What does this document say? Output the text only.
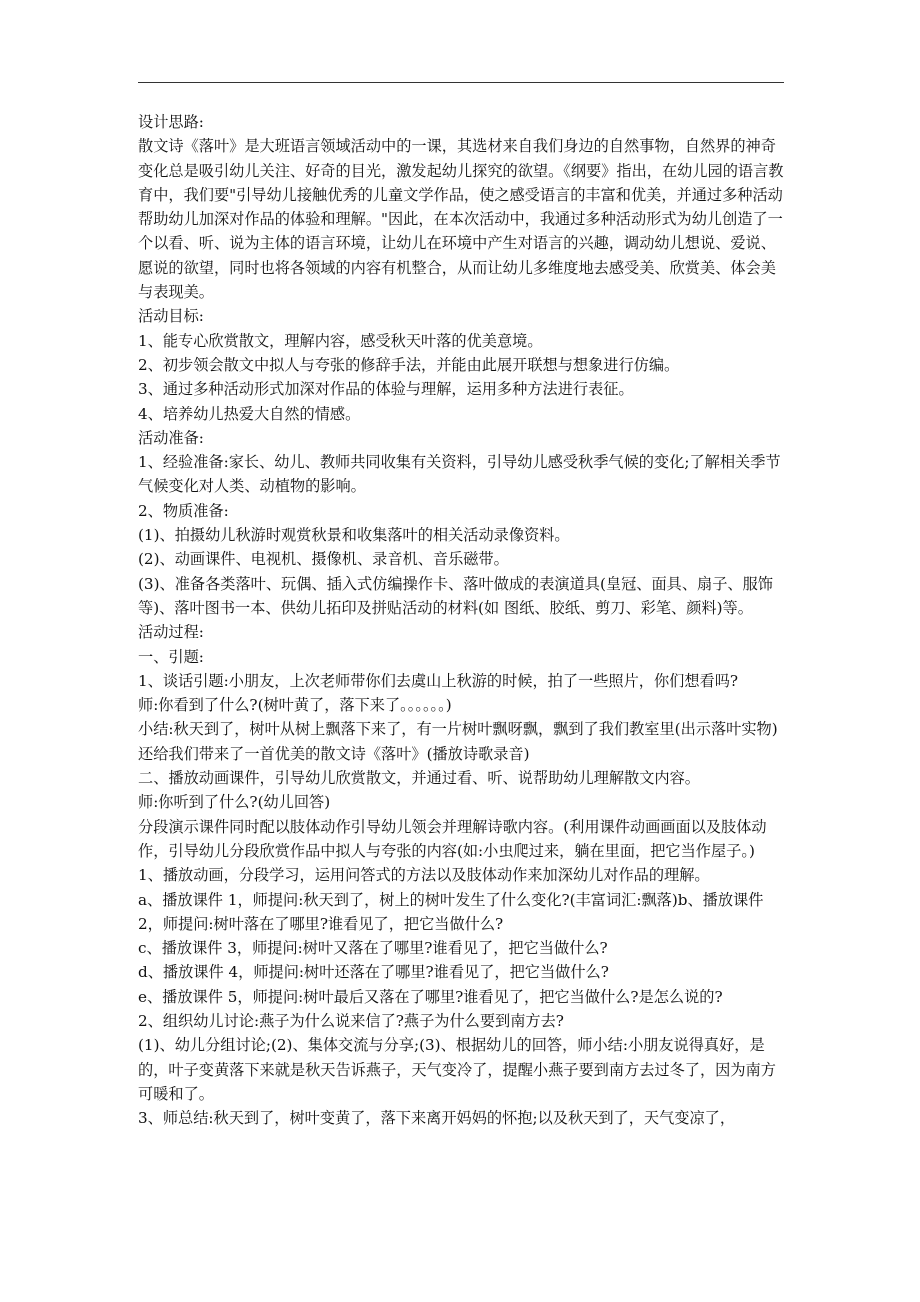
设计思路:

散文诗《落叶》是大班语言领域活动中的一课，其选材来自我们身边的自然事物，自然界的神奇变化总是吸引幼儿关注、好奇的目光，激发起幼儿探究的欲望。《纲要》指出，在幼儿园的语言教育中，我们要"引导幼儿接触优秀的儿童文学作品，使之感受语言的丰富和优美，并通过多种活动帮助幼儿加深对作品的体验和理解。"因此，在本次活动中，我通过多种活动形式为幼儿创造了一个以看、听、说为主体的语言环境，让幼儿在环境中产生对语言的兴趣，调动幼儿想说、爱说、愿说的欲望，同时也将各领域的内容有机整合，从而让幼儿多维度地去感受美、欣赏美、体会美与表现美。

活动目标:

1、能专心欣赏散文，理解内容，感受秋天叶落的优美意境。

2、初步领会散文中拟人与夸张的修辞手法，并能由此展开联想与想象进行仿编。

3、通过多种活动形式加深对作品的体验与理解，运用多种方法进行表征。

4、培养幼儿热爱大自然的情感。

活动准备:

1、经验准备:家长、幼儿、教师共同收集有关资料，引导幼儿感受秋季气候的变化;了解相关季节气候变化对人类、动植物的影响。

2、物质准备:

(1)、拍摄幼儿秋游时观赏秋景和收集落叶的相关活动录像资料。

(2)、动画课件、电视机、摄像机、录音机、音乐磁带。

(3)、准备各类落叶、玩偶、插入式仿编操作卡、落叶做成的表演道具(皇冠、面具、扇子、服饰等)、落叶图书一本、供幼儿拓印及拼贴活动的材料(如 图纸、胶纸、剪刀、彩笔、颜料)等。

活动过程:

一、引题:

1、谈话引题:小朋友，上次老师带你们去虞山上秋游的时候，拍了一些照片，你们想看吗?

师:你看到了什么?(树叶黄了，落下来了。。。。。。)

小结:秋天到了，树叶从树上飘落下来了，有一片树叶飘呀飘，飘到了我们教室里(出示落叶实物)还给我们带来了一首优美的散文诗《落叶》(播放诗歌录音)

二、播放动画课件，引导幼儿欣赏散文，并通过看、听、说帮助幼儿理解散文内容。

师:你听到了什么?(幼儿回答)

分段演示课件同时配以肢体动作引导幼儿领会并理解诗歌内容。(利用课件动画画面以及肢体动作，引导幼儿分段欣赏作品中拟人与夸张的内容(如:小虫爬过来，躺在里面，把它当作屋子。)

1、播放动画，分段学习，运用问答式的方法以及肢体动作来加深幼儿对作品的理解。

a、播放课件 1，师提问:秋天到了，树上的树叶发生了什么变化?(丰富词汇:飘落)b、播放课件 2，师提问:树叶落在了哪里?谁看见了，把它当做什么?

c、播放课件 3，师提问:树叶又落在了哪里?谁看见了，把它当做什么?

d、播放课件 4，师提问:树叶还落在了哪里?谁看见了，把它当做什么?

e、播放课件 5，师提问:树叶最后又落在了哪里?谁看见了，把它当做什么?是怎么说的?

2、组织幼儿讨论:燕子为什么说来信了?燕子为什么要到南方去?

(1)、幼儿分组讨论;(2)、集体交流与分享;(3)、根据幼儿的回答，师小结:小朋友说得真好，是的，叶子变黄落下来就是秋天告诉燕子，天气变冷了，提醒小燕子要到南方去过冬了，因为南方可暖和了。

3、师总结:秋天到了，树叶变黄了，落下来离开妈妈的怀抱;以及秋天到了，天气变凉了，
